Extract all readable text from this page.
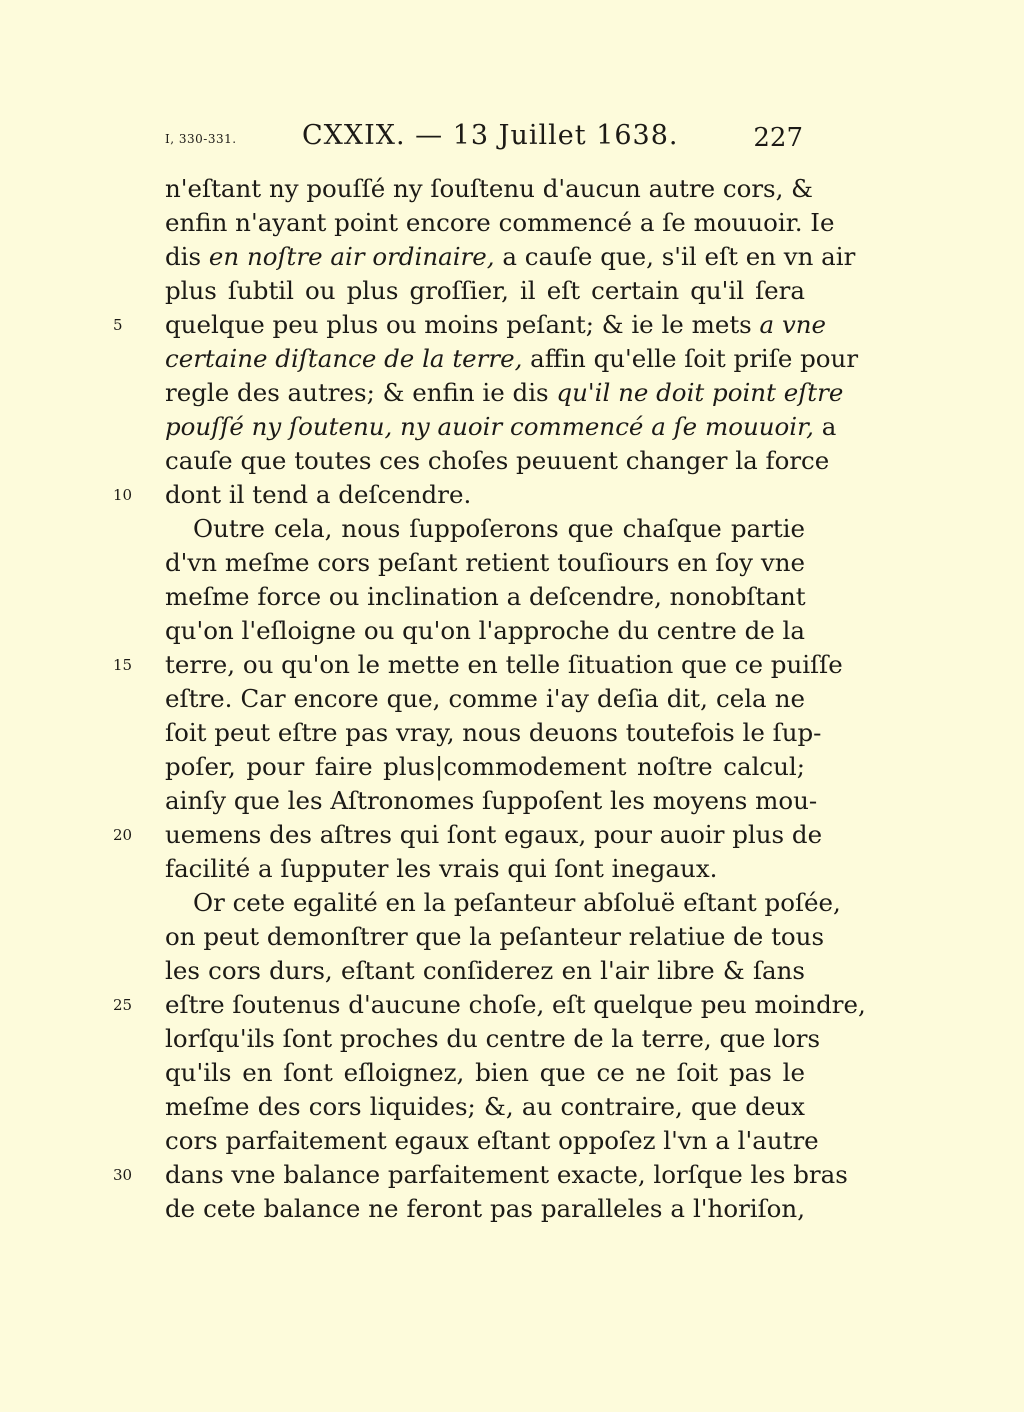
I, 330-331. CXXIX. — 13 Juillet 1638.	227
n'eſtant ny pouſſé ny ſouſtenu d'aucun autre cors, &
enfin n'ayant point encore commencé a ſe mouuoir. Ie
dis en noſtre air ordinaire, a cauſe que, s'il eſt en vn air
plus ſubtil ou plus groſſier, il eſt certain qu'il ſera
5	quelque peu plus ou moins peſant; & ie le mets a vne
certaine diſtance de la terre, affin qu'elle ſoit priſe pour
regle des autres; & enfin ie dis qu'il ne doit point eſtre
pouſſé ny ſoutenu, ny auoir commencé a ſe mouuoir, a
cauſe que toutes ces choſes peuuent changer la force
10	dont il tend a deſcendre.
Outre cela, nous ſuppoſerons que chaſque partie
d'vn meſme cors peſant retient touſiours en ſoy vne
meſme force ou inclination a deſcendre, nonobſtant
qu'on l'eſloigne ou qu'on l'approche du centre de la
15	terre, ou qu'on le mette en telle ſituation que ce puiſſe
eſtre. Car encore que, comme i'ay deſia dit, cela ne
ſoit peut eſtre pas vray, nous deuons toutefois le ſup-
poſer, pour faire plus|commodement noſtre calcul;
ainſy que les Aſtronomes ſuppoſent les moyens mou-
20	uemens des aſtres qui ſont egaux, pour auoir plus de
facilité a ſupputer les vrais qui ſont inegaux.
Or cete egalité en la peſanteur abſoluë eſtant poſée,
on peut demonſtrer que la peſanteur relatiue de tous
les cors durs, eſtant conſiderez en l'air libre & ſans
25	eſtre ſoutenus d'aucune choſe, eſt quelque peu moindre,
lorſqu'ils ſont proches du centre de la terre, que lors
qu'ils en ſont eſloignez, bien que ce ne ſoit pas le
meſme des cors liquides; &, au contraire, que deux
cors parfaitement egaux eſtant oppoſez l'vn a l'autre
30	dans vne balance parfaitement exacte, lorſque les bras
de cete balance ne feront pas paralleles a l'horiſon,
